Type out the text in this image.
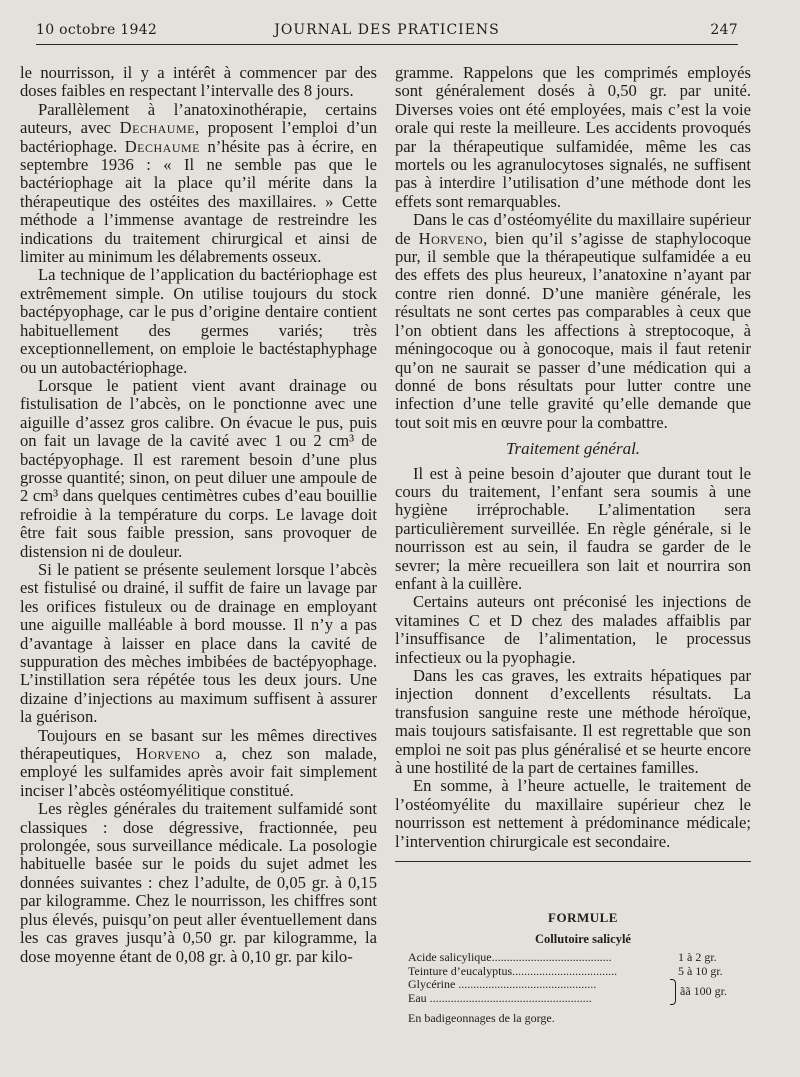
10 octobre 1942	JOURNAL DES PRATICIENS	247

le nourrisson, il y a intérêt à commencer par des doses faibles en respectant l’intervalle des 8 jours.

Parallèlement à l’anatoxinothérapie, certains auteurs, avec Dechaume, proposent l’emploi d’un bactériophage. Dechaume n’hésite pas à écrire, en septembre 1936 : « Il ne semble pas que le bactériophage ait la place qu’il mérite dans la thérapeutique des ostéites des maxillaires. » Cette méthode a l’immense avantage de restreindre les indications du traitement chirurgical et ainsi de limiter au minimum les délabrements osseux.

La technique de l’application du bactériophage est extrêmement simple. On utilise toujours du stock bactépyophage, car le pus d’origine dentaire contient habituellement des germes variés; très exceptionnellement, on emploie le bactéstaphyphage ou un autobactériophage.

Lorsque le patient vient avant drainage ou fistulisation de l’abcès, on le ponctionne avec une aiguille d’assez gros calibre. On évacue le pus, puis on fait un lavage de la cavité avec 1 ou 2 cm³ de bactépyophage. Il est rarement besoin d’une plus grosse quantité; sinon, on peut diluer une ampoule de 2 cm³ dans quelques centimètres cubes d’eau bouillie refroidie à la température du corps. Le lavage doit être fait sous faible pression, sans provoquer de distension ni de douleur.

Si le patient se présente seulement lorsque l’abcès est fistulisé ou drainé, il suffit de faire un lavage par les orifices fistuleux ou de drainage en employant une aiguille malléable à bord mousse. Il n’y a pas d’avantage à laisser en place dans la cavité de suppuration des mèches imbibées de bactépyophage. L’instillation sera répétée tous les deux jours. Une dizaine d’injections au maximum suffisent à assurer la guérison.

Toujours en se basant sur les mêmes directives thérapeutiques, Horveno a, chez son malade, employé les sulfamides après avoir fait simplement inciser l’abcès ostéomyélitique constitué.

Les règles générales du traitement sulfamidé sont classiques : dose dégressive, fractionnée, peu prolongée, sous surveillance médicale. La posologie habituelle basée sur le poids du sujet admet les données suivantes : chez l’adulte, de 0,05 gr. à 0,15 par kilogramme. Chez le nourrisson, les chiffres sont plus élevés, puisqu’on peut aller éventuellement dans les cas graves jusqu’à 0,50 gr. par kilogramme, la dose moyenne étant de 0,08 gr. à 0,10 gr. par kilo-

gramme. Rappelons que les comprimés employés sont généralement dosés à 0,50 gr. par unité. Diverses voies ont été employées, mais c’est la voie orale qui reste la meilleure. Les accidents provoqués par la thérapeutique sulfamidée, même les cas mortels ou les agranulocytoses signalés, ne suffisent pas à interdire l’utilisation d’une méthode dont les effets sont remarquables.

Dans le cas d’ostéomyélite du maxillaire supérieur de Horveno, bien qu’il s’agisse de staphylocoque pur, il semble que la thérapeutique sulfamidée a eu des effets des plus heureux, l’anatoxine n’ayant par contre rien donné. D’une manière générale, les résultats ne sont certes pas comparables à ceux que l’on obtient dans les affections à streptocoque, à méningocoque ou à gonocoque, mais il faut retenir qu’on ne saurait se passer d’une médication qui a donné de bons résultats pour lutter contre une infection d’une telle gravité qu’elle demande que tout soit mis en œuvre pour la combattre.

Traitement général.

Il est à peine besoin d’ajouter que durant tout le cours du traitement, l’enfant sera soumis à une hygiène irréprochable. L’alimentation sera particulièrement surveillée. En règle générale, si le nourrisson est au sein, il faudra se garder de le sevrer; la mère recueillera son lait et nourrira son enfant à la cuillère.

Certains auteurs ont préconisé les injections de vitamines C et D chez des malades affaiblis par l’insuffisance de l’alimentation, le processus infectieux ou la pyophagie.

Dans les cas graves, les extraits hépatiques par injection donnent d’excellents résultats. La transfusion sanguine reste une méthode héroïque, mais toujours satisfaisante. Il est regrettable que son emploi ne soit pas plus généralisé et se heurte encore à une hostilité de la part de certaines familles.

En somme, à l’heure actuelle, le traitement de l’ostéomyélite du maxillaire supérieur chez le nourrisson est nettement à prédominance médicale; l’intervention chirurgicale est secondaire.

FORMULE
Collutoire salicylé
Acide salicylique........................................	1 à 2 gr.
Teinture d’eucalyptus...................................	5 à 10 gr.
Glycérine ..............................................
Eau ......................................................	ãã 100 gr.
En badigeonnages de la gorge.
